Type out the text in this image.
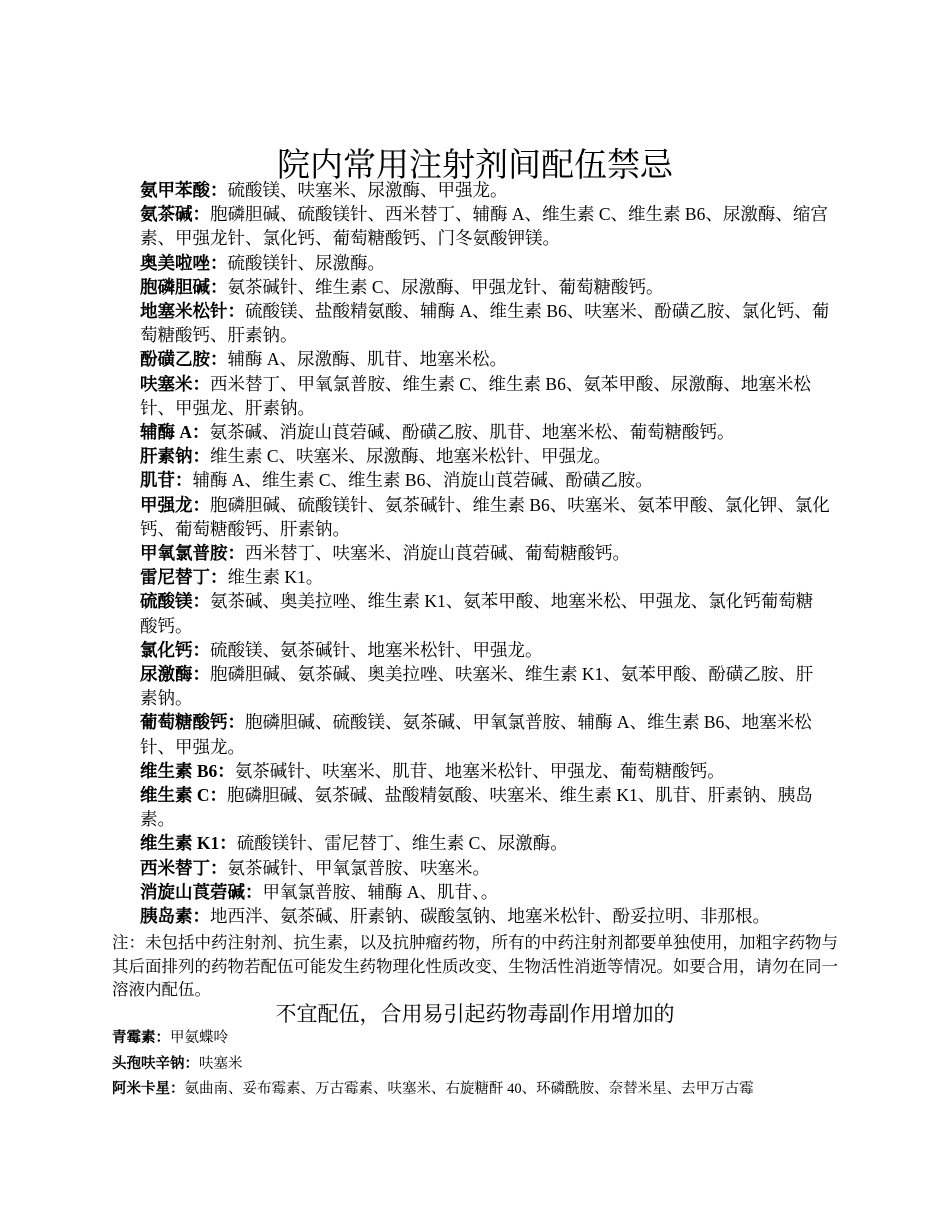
院内常用注射剂间配伍禁忌

氨甲苯酸：硫酸镁、呋塞米、尿激酶、甲强龙。

氨茶碱：胞磷胆碱、硫酸镁针、西米替丁、辅酶 A、维生素 C、维生素 B6、尿激酶、缩宫素、甲强龙针、氯化钙、葡萄糖酸钙、门冬氨酸钾镁。

奥美啦唑：硫酸镁针、尿激酶。

胞磷胆碱：氨茶碱针、维生素 C、尿激酶、甲强龙针、葡萄糖酸钙。

地塞米松针：硫酸镁、盐酸精氨酸、辅酶 A、维生素 B6、呋塞米、酚磺乙胺、氯化钙、葡萄糖酸钙、肝素钠。

酚磺乙胺：辅酶 A、尿激酶、肌苷、地塞米松。

呋塞米：西米替丁、甲氧氯普胺、维生素 C、维生素 B6、氨苯甲酸、尿激酶、地塞米松针、甲强龙、肝素钠。

辅酶 A：氨茶碱、消旋山莨菪碱、酚磺乙胺、肌苷、地塞米松、葡萄糖酸钙。

肝素钠：维生素 C、呋塞米、尿激酶、地塞米松针、甲强龙。

肌苷：辅酶 A、维生素 C、维生素 B6、消旋山莨菪碱、酚磺乙胺。

甲强龙：胞磷胆碱、硫酸镁针、氨茶碱针、维生素 B6、呋塞米、氨苯甲酸、氯化钾、氯化钙、葡萄糖酸钙、肝素钠。

甲氧氯普胺：西米替丁、呋塞米、消旋山莨菪碱、葡萄糖酸钙。

雷尼替丁：维生素 K1。

硫酸镁：氨茶碱、奥美拉唑、维生素 K1、氨苯甲酸、地塞米松、甲强龙、氯化钙葡萄糖酸钙。

氯化钙：硫酸镁、氨茶碱针、地塞米松针、甲强龙。

尿激酶：胞磷胆碱、氨茶碱、奥美拉唑、呋塞米、维生素 K1、氨苯甲酸、酚磺乙胺、肝素钠。

葡萄糖酸钙：胞磷胆碱、硫酸镁、氨茶碱、甲氧氯普胺、辅酶 A、维生素 B6、地塞米松针、甲强龙。

维生素 B6：氨茶碱针、呋塞米、肌苷、地塞米松针、甲强龙、葡萄糖酸钙。

维生素 C：胞磷胆碱、氨茶碱、盐酸精氨酸、呋塞米、维生素 K1、肌苷、肝素钠、胰岛素。

维生素 K1：硫酸镁针、雷尼替丁、维生素 C、尿激酶。

西米替丁：氨茶碱针、甲氧氯普胺、呋塞米。

消旋山莨菪碱：甲氧氯普胺、辅酶 A、肌苷、。

胰岛素：地西泮、氨茶碱、肝素钠、碳酸氢钠、地塞米松针、酚妥拉明、非那根。

注：未包括中药注射剂、抗生素，以及抗肿瘤药物，所有的中药注射剂都要单独使用，加粗字药物与其后面排列的药物若配伍可能发生药物理化性质改变、生物活性消逝等情况。如要合用，请勿在同一溶液内配伍。

不宜配伍，合用易引起药物毒副作用增加的

青霉素：甲氨蝶呤

头孢呋辛钠：呋塞米

阿米卡星：氨曲南、妥布霉素、万古霉素、呋塞米、右旋糖酐 40、环磷酰胺、奈替米星、去甲万古霉
